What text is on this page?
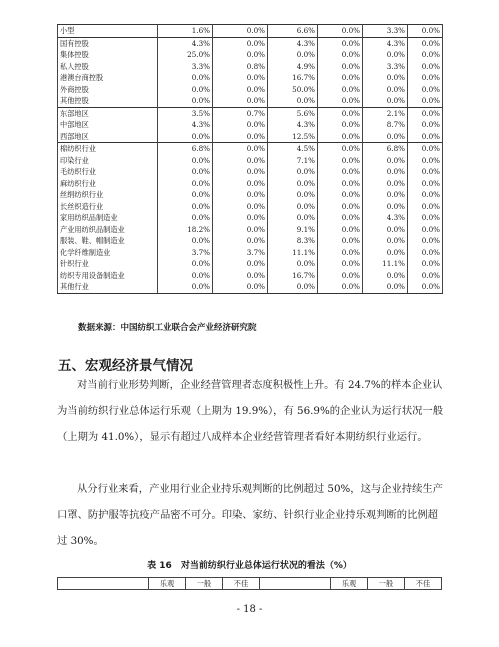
小型	1.6%	0.0%	6.6%	0.0%	3.3%	0.0%
国有控股	4.3%	0.0%	4.3%	0.0%	4.3%	0.0%
集体控股	25.0%	0.0%	0.0%	0.0%	0.0%	0.0%
私人控股	3.3%	0.8%	4.9%	0.0%	3.3%	0.0%
港澳台商控股	0.0%	0.0%	16.7%	0.0%	0.0%	0.0%
外商控股	0.0%	0.0%	50.0%	0.0%	0.0%	0.0%
其他控股	0.0%	0.0%	0.0%	0.0%	0.0%	0.0%
东部地区	3.5%	0.7%	5.6%	0.0%	2.1%	0.0%
中部地区	4.3%	0.0%	4.3%	0.0%	8.7%	0.0%
西部地区	0.0%	0.0%	12.5%	0.0%	0.0%	0.0%
棉纺织行业	6.8%	0.0%	4.5%	0.0%	6.8%	0.0%
印染行业	0.0%	0.0%	7.1%	0.0%	0.0%	0.0%
毛纺织行业	0.0%	0.0%	0.0%	0.0%	0.0%	0.0%
麻纺织行业	0.0%	0.0%	0.0%	0.0%	0.0%	0.0%
丝绢纺织行业	0.0%	0.0%	0.0%	0.0%	0.0%	0.0%
长丝织造行业	0.0%	0.0%	0.0%	0.0%	0.0%	0.0%
家用纺织品制造业	0.0%	0.0%	0.0%	0.0%	4.3%	0.0%
产业用纺织品制造业	18.2%	0.0%	9.1%	0.0%	0.0%	0.0%
服装、鞋、帽制造业	0.0%	0.0%	8.3%	0.0%	0.0%	0.0%
化学纤维制造业	3.7%	3.7%	11.1%	0.0%	0.0%	0.0%
针织行业	0.0%	0.0%	0.0%	0.0%	11.1%	0.0%
纺织专用设备制造业	0.0%	0.0%	16.7%	0.0%	0.0%	0.0%
其他行业	0.0%	0.0%	0.0%	0.0%	0.0%	0.0%
数据来源：中国纺织工业联合会产业经济研究院
五、宏观经济景气情况

对当前行业形势判断，企业经营管理者态度积极性上升。有 24.7%的样本企业认为当前纺织行业总体运行乐观（上期为 19.9%），有 56.9%的企业认为运行状况一般（上期为 41.0%），显示有超过八成样本企业经营管理者看好本期纺织行业运行。

从分行业来看，产业用行业企业持乐观判断的比例超过 50%，这与企业持续生产口罩、防护服等抗疫产品密不可分。印染、家纺、针织行业企业持乐观判断的比例超过 30%。

表 16　对当前纺织行业总体运行状况的看法（%）
	乐观	一般	不佳		乐观	一般	不佳
- 18 -
